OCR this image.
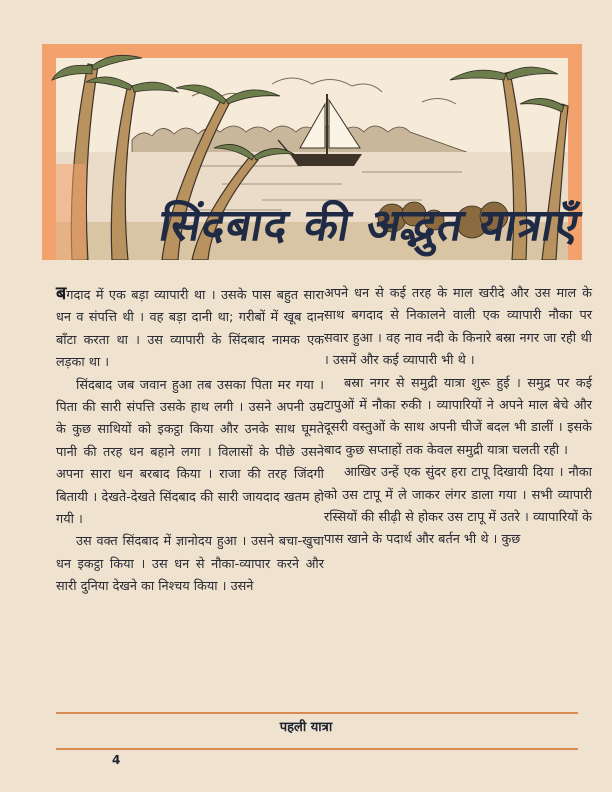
सिंदबाद की अद्भुत यात्राएँ

बगदाद में एक बड़ा व्यापारी था । उसके पास बहुत सारा धन व संपत्ति थी । वह बड़ा दानी था; गरीबों में खूब दान बाँटा करता था । उस व्यापारी के सिंदबाद नामक एक लड़का था ।

सिंदबाद जब जवान हुआ तब उसका पिता मर गया । पिता की सारी संपत्ति उसके हाथ लगी । उसने अपनी उम्र के कुछ साथियों को इकट्ठा किया और उनके साथ घूमते पानी की तरह धन बहाने लगा । विलासों के पीछे उसने अपना सारा धन बरबाद किया । राजा की तरह जिंदगी बितायी । देखते-देखते सिंदबाद की सारी जायदाद खतम हो गयी ।

उस वक्त सिंदबाद में ज्ञानोदय हुआ । उसने बचा-खुचा धन इकट्ठा किया । उस धन से नौका-व्यापार करने और सारी दुनिया देखने का निश्चय किया । उसने

अपने धन से कई तरह के माल खरीदे और उस माल के साथ बगदाद से निकालने वाली एक व्यापारी नौका पर सवार हुआ । वह नाव नदी के किनारे बस्रा नगर जा रही थी । उसमें और कई व्यापारी भी थे ।

बस्रा नगर से समुद्री यात्रा शुरू हुई । समुद्र पर कई टापुओं में नौका रुकी । व्यापारियों ने अपने माल बेचे और दूसरी वस्तुओं के साथ अपनी चीजें बदल भी डालीं । इसके बाद कुछ सप्ताहों तक केवल समुद्री यात्रा चलती रही ।

आखिर उन्हें एक सुंदर हरा टापू दिखायी दिया । नौका को उस टापू में ले जाकर लंगर डाला गया । सभी व्यापारी रस्सियों की सीढ़ी से होकर उस टापू में उतरे । व्यापारियों के पास खाने के पदार्थ और बर्तन भी थे । कुछ

पहली यात्रा
4
